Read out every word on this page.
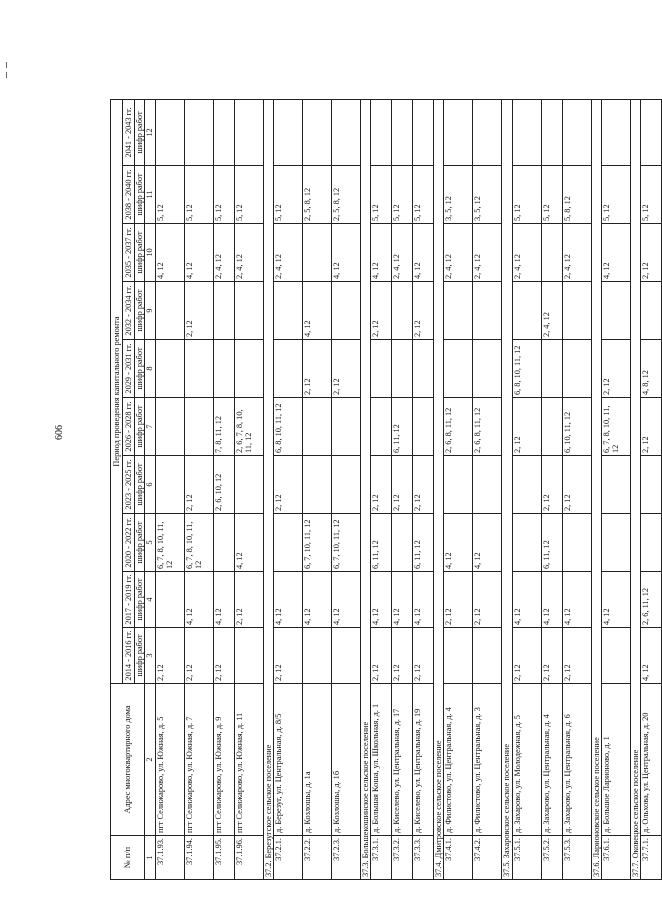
606
№ п/п	Адрес многоквартирного дома	Период проведения капитального ремонта									
		2014 - 2016 гг.	2017 - 2019 гг.	2020 - 2022 гг.	2023 - 2025 гг.	2026 - 2028 гг.	2029 - 2031 гг.	2032 - 2034 гг.	2035 - 2037 гг.	2038 - 2040 гг.	2041 - 2043 гг.
		шифр работ	шифр работ	шифр работ	шифр работ	шифр работ	шифр работ	шифр работ	шифр работ	шифр работ	шифр работ
1	2	3	4	5	6	7	8	9	10	11	12
37.1.93.	пгт Селижарово, ул. Южная, д. 5	2, 12		6, 7, 8, 10, 11, 12					4, 12	5, 12	
37.1.94.	пгт Селижарово, ул. Южная, д. 7	2, 12	4, 12	6, 7, 8, 10, 11, 12	2, 12			2, 12	4, 12	5, 12	
37.1.95.	пгт Селижарово, ул. Южная, д. 9	2, 12	4, 12		2, 6, 10, 12	7, 8, 11, 12			2, 4, 12	5, 12	
37.1.96.	пгт Селижарово, ул. Южная, д. 11		2, 12	4, 12		2, 6, 7, 8, 10, 11, 12			2, 4, 12	5, 12	
37.2. Березугское сельское поселение											
37.2.1.	д. Березуг, ул. Центральная, д. 8/5	2, 12	4, 12		2, 12	6, 8, 10, 11, 12			2, 4, 12	5, 12	
37.2.2.	д. Козлошы, д. 1а		4, 12	6, 7, 10, 11, 12			2, 12	4, 12		2, 5, 8, 12	
37.2.3.	д. Козлошы, д. 1б		4, 12	6, 7, 10, 11, 12			2, 12		4, 12	2, 5, 8, 12	
37.3. Большекошинское сельское поселение											
37.3.1.	д. Большая Коша, ул. Школьная, д. 1	2, 12	4, 12	6, 11, 12	2, 12			2, 12	4, 12	5, 12	
37.3.2.	д. Киселево, ул. Центральная, д. 17	2, 12	4, 12		2, 12	6, 11, 12			2, 4, 12	5, 12	
37.3.3.	д. Киселево, ул. Центральная, д. 19	2, 12	4, 12	6, 11, 12	2, 12			2, 12	4, 12	5, 12	
37.4. Дмитровское сельское поселение											
37.4.1.	д. Филистово, ул. Центральная, д. 4		2, 12	4, 12		2, 6, 8, 11, 12			2, 4, 12	3, 5, 12	
37.4.2.	д. Филистово, ул. Центральная, д. 3		2, 12	4, 12		2, 6, 8, 11, 12			2, 4, 12	3, 5, 12	
37.5. Захаровское сельское поселение											
37.5.1.	д. Захарово, ул. Молодежная, д. 5	2, 12	4, 12			2, 12	6, 8, 10, 11, 12		2, 4, 12	5, 12	
37.5.2.	д. Захарово, ул. Центральная, д. 4	2, 12	4, 12	6, 11, 12	2, 12			2, 4, 12		5, 12	
37.5.3.	д. Захарово, ул. Центральная, д. 6	2, 12	4, 12		2, 12	6, 10, 11, 12			2, 4, 12	5, 8, 12	
37.6. Ларионовское сельское поселение											
37.6.1.	д. Большое Ларионово, д. 1		4, 12			6, 7, 8, 10, 11, 12	2, 12		4, 12	5, 12	
37.7. Оковецкое сельское поселение											
37.7.1.	д. Ольхова, ул. Центральная, д. 20	4, 12	2, 6, 11, 12			2, 12	4, 8, 12		2, 12	5, 12	
